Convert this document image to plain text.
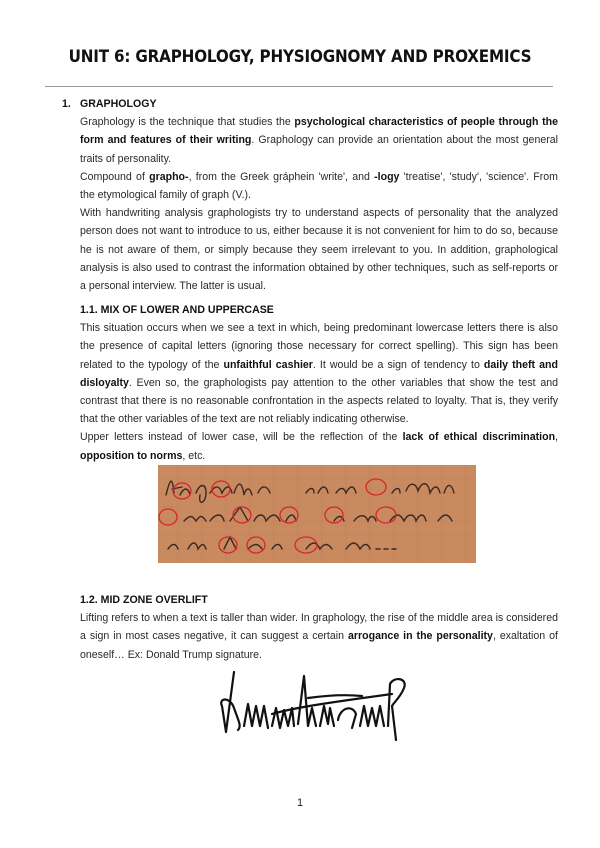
UNIT 6: GRAPHOLOGY, PHYSIOGNOMY AND PROXEMICS
1. GRAPHOLOGY

Graphology is the technique that studies the psychological characteristics of people through the form and features of their writing. Graphology can provide an orientation about the most general traits of personality.

Compound of grapho-, from the Greek gráphein 'write', and -logy 'treatise', 'study', 'science'. From the etymological family of graph (V.).

With handwriting analysis graphologists try to understand aspects of personality that the analyzed person does not want to introduce to us, either because it is not convenient for him to do so, because he is not aware of them, or simply because they seem irrelevant to you. In addition, graphological analysis is also used to contrast the information obtained by other techniques, such as self-reports or a personal interview. The latter is usual.

1.1. MIX OF LOWER AND UPPERCASE

This situation occurs when we see a text in which, being predominant lowercase letters there is also the presence of capital letters (ignoring those necessary for correct spelling). This sign has been related to the typology of the unfaithful cashier. It would be a sign of tendency to daily theft and disloyalty. Even so, the graphologists pay attention to the other variables that show the test and contrast that there is no reasonable confrontation in the aspects related to loyalty. That is, they verify that the other variables of the text are not reliably indicating otherwise.

Upper letters instead of lower case, will be the reflection of the lack of ethical discrimination, opposition to norms, etc.

1.2. MID ZONE OVERLIFT

Lifting refers to when a text is taller than wider. In graphology, the rise of the middle area is considered a sign in most cases negative, it can suggest a certain arrogance in the personality, exaltation of oneself… Ex: Donald Trump signature.

1
